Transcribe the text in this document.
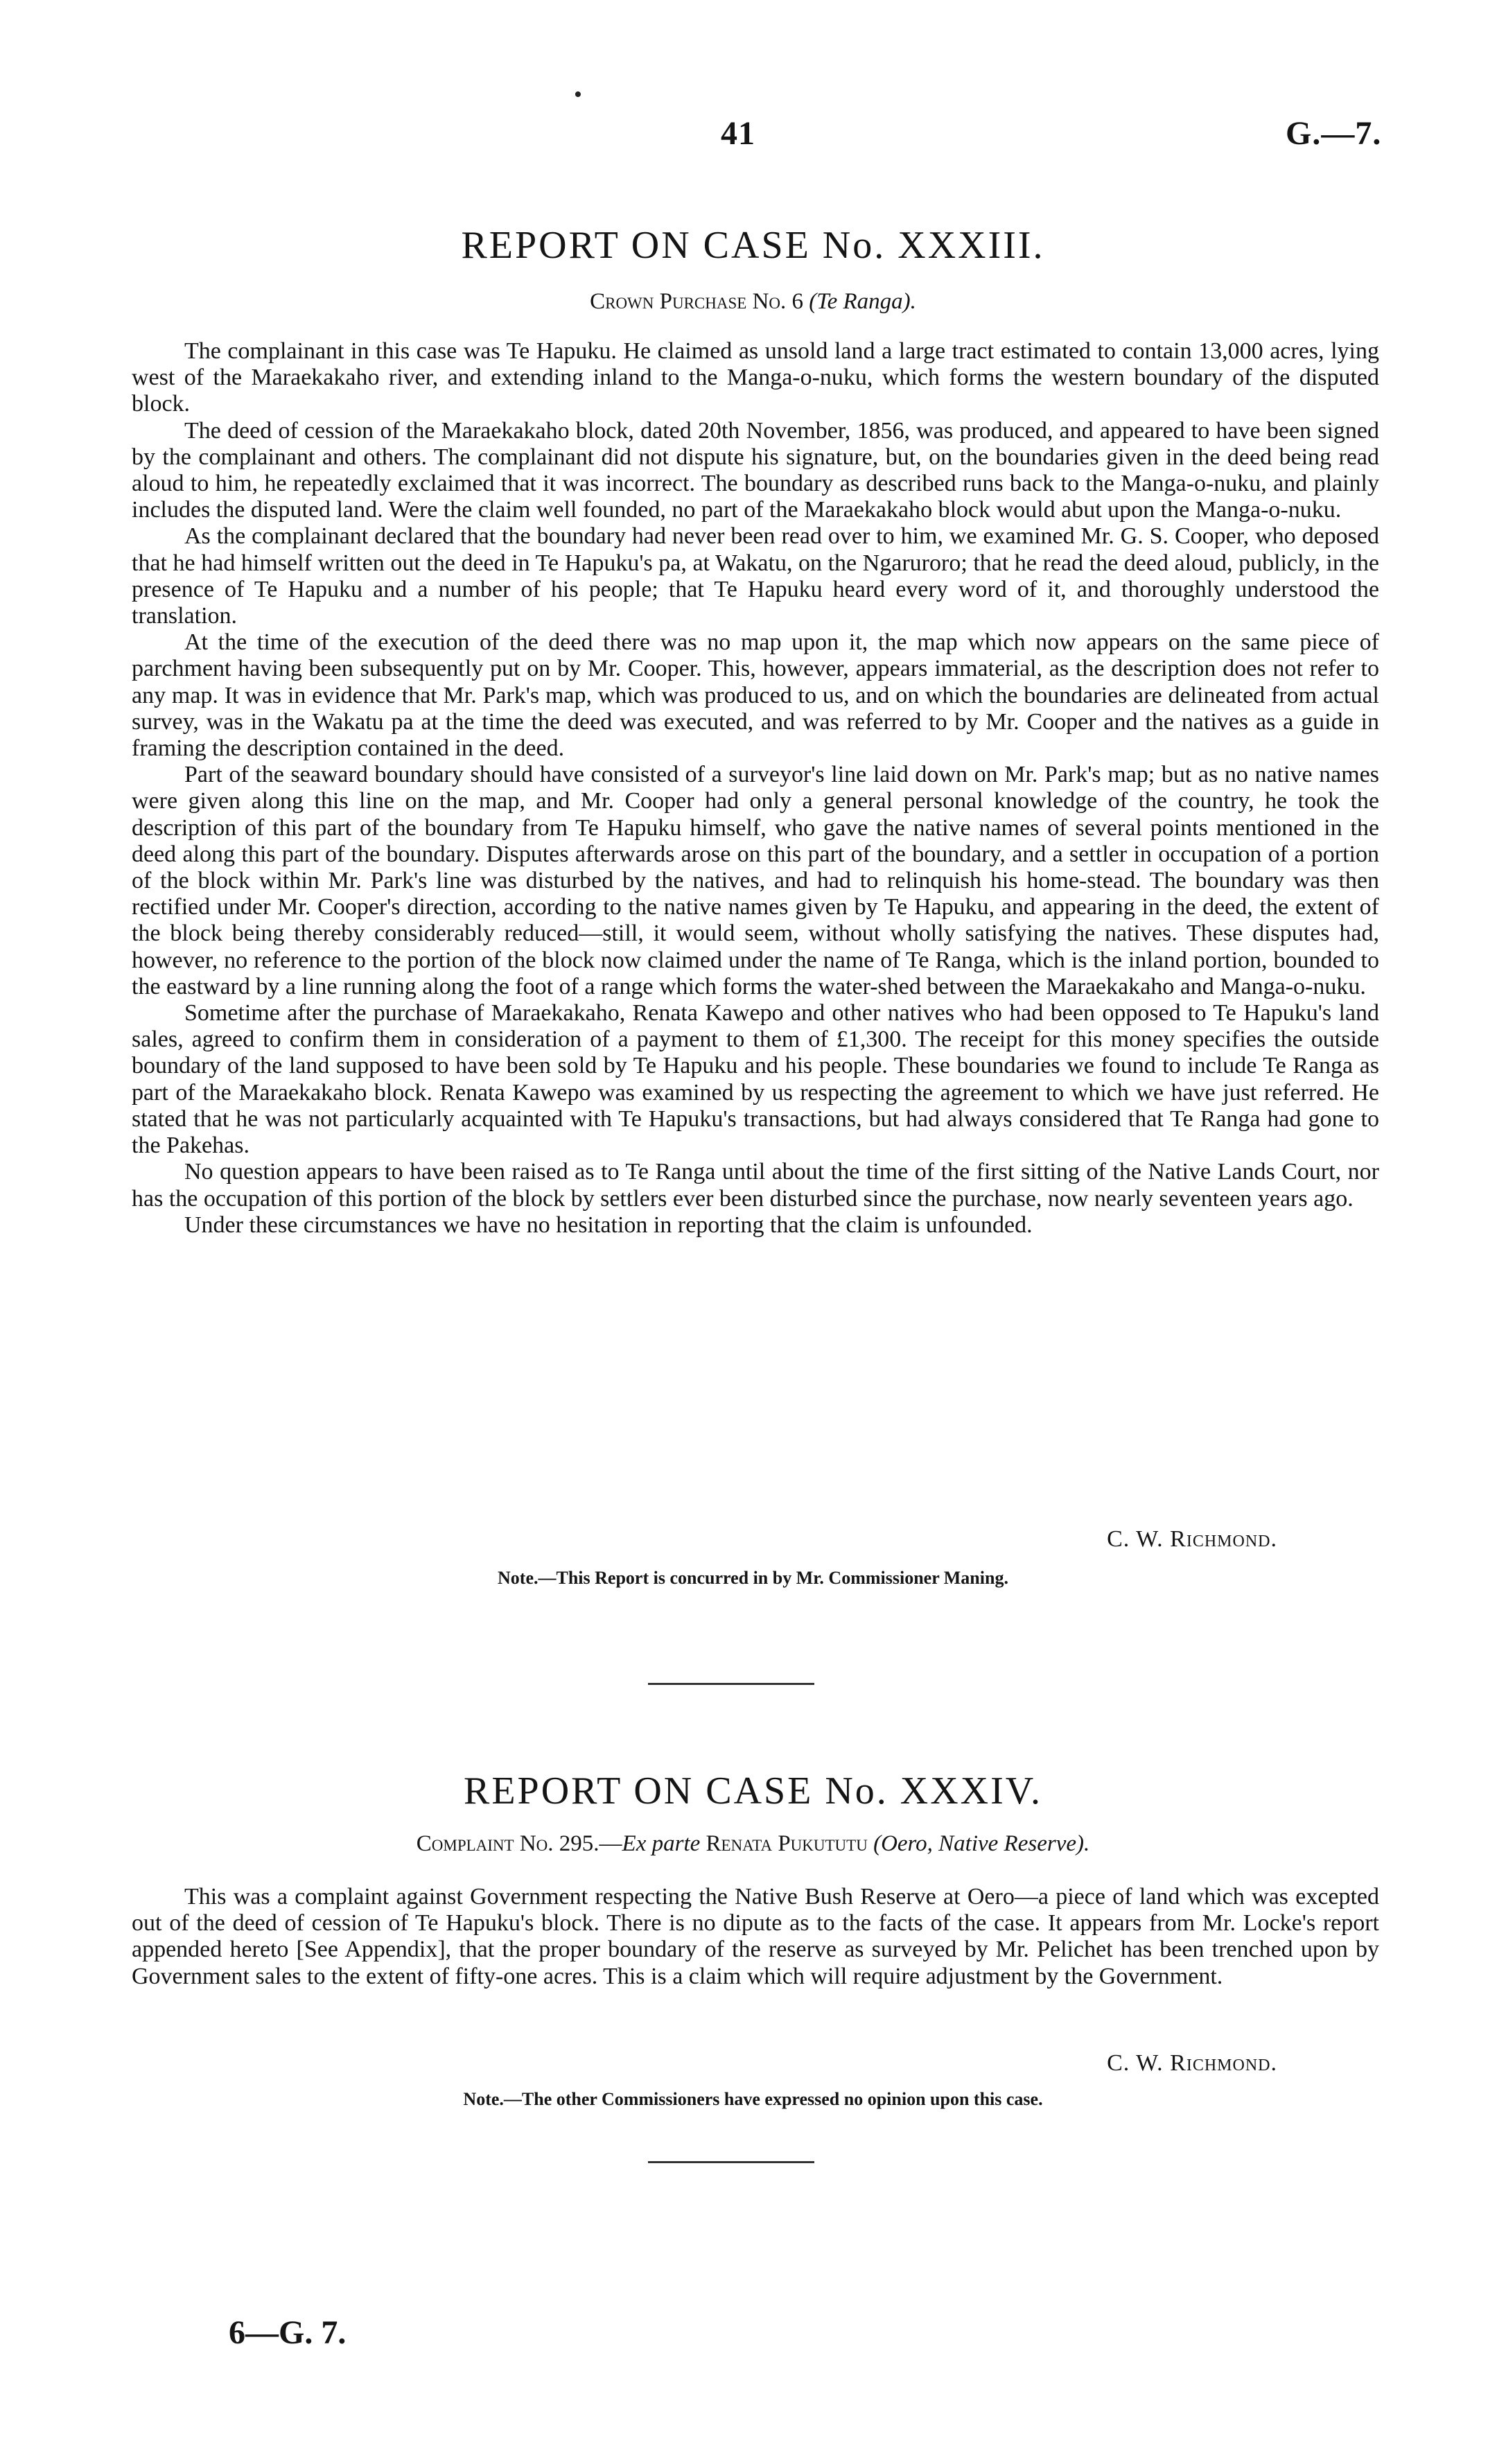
•
41	G.—7.
REPORT ON CASE No. XXXIII.
Crown Purchase No. 6 (Te Ranga).

The complainant in this case was Te Hapuku. He claimed as unsold land a large tract estimated to contain 13,000 acres, lying west of the Maraekakaho river, and extending inland to the Manga-o-nuku, which forms the western boundary of the disputed block.

The deed of cession of the Maraekakaho block, dated 20th November, 1856, was produced, and appeared to have been signed by the complainant and others. The complainant did not dispute his signature, but, on the boundaries given in the deed being read aloud to him, he repeatedly exclaimed that it was incorrect. The boundary as described runs back to the Manga-o-nuku, and plainly includes the disputed land. Were the claim well founded, no part of the Maraekakaho block would abut upon the Manga-o-nuku.

As the complainant declared that the boundary had never been read over to him, we examined Mr. G. S. Cooper, who deposed that he had himself written out the deed in Te Hapuku's pa, at Wakatu, on the Ngaruroro; that he read the deed aloud, publicly, in the presence of Te Hapuku and a number of his people; that Te Hapuku heard every word of it, and thoroughly understood the translation.

At the time of the execution of the deed there was no map upon it, the map which now appears on the same piece of parchment having been subsequently put on by Mr. Cooper. This, however, appears immaterial, as the description does not refer to any map. It was in evidence that Mr. Park's map, which was produced to us, and on which the boundaries are delineated from actual survey, was in the Wakatu pa at the time the deed was executed, and was referred to by Mr. Cooper and the natives as a guide in framing the description contained in the deed.

Part of the seaward boundary should have consisted of a surveyor's line laid down on Mr. Park's map; but as no native names were given along this line on the map, and Mr. Cooper had only a general personal knowledge of the country, he took the description of this part of the boundary from Te Hapuku himself, who gave the native names of several points mentioned in the deed along this part of the boundary. Disputes afterwards arose on this part of the boundary, and a settler in occupation of a portion of the block within Mr. Park's line was disturbed by the natives, and had to relinquish his home-stead. The boundary was then rectified under Mr. Cooper's direction, according to the native names given by Te Hapuku, and appearing in the deed, the extent of the block being thereby considerably reduced—still, it would seem, without wholly satisfying the natives. These disputes had, however, no reference to the portion of the block now claimed under the name of Te Ranga, which is the inland portion, bounded to the eastward by a line running along the foot of a range which forms the water-shed between the Maraekakaho and Manga-o-nuku.

Sometime after the purchase of Maraekakaho, Renata Kawepo and other natives who had been opposed to Te Hapuku's land sales, agreed to confirm them in consideration of a payment to them of £1,300. The receipt for this money specifies the outside boundary of the land supposed to have been sold by Te Hapuku and his people. These boundaries we found to include Te Ranga as part of the Maraekakaho block. Renata Kawepo was examined by us respecting the agreement to which we have just referred. He stated that he was not particularly acquainted with Te Hapuku's transactions, but had always considered that Te Ranga had gone to the Pakehas.

No question appears to have been raised as to Te Ranga until about the time of the first sitting of the Native Lands Court, nor has the occupation of this portion of the block by settlers ever been disturbed since the purchase, now nearly seventeen years ago.

Under these circumstances we have no hesitation in reporting that the claim is unfounded.

C. W. Richmond.
Note.—This Report is concurred in by Mr. Commissioner Maning.
REPORT ON CASE No. XXXIV.
Complaint No. 295.—Ex parte Renata Pukututu (Oero, Native Reserve).

This was a complaint against Government respecting the Native Bush Reserve at Oero—a piece of land which was excepted out of the deed of cession of Te Hapuku's block. There is no dipute as to the facts of the case. It appears from Mr. Locke's report appended hereto [See Appendix], that the proper boundary of the reserve as surveyed by Mr. Pelichet has been trenched upon by Government sales to the extent of fifty-one acres. This is a claim which will require adjustment by the Government.

C. W. Richmond.
Note.—The other Commissioners have expressed no opinion upon this case.
6—G. 7.
